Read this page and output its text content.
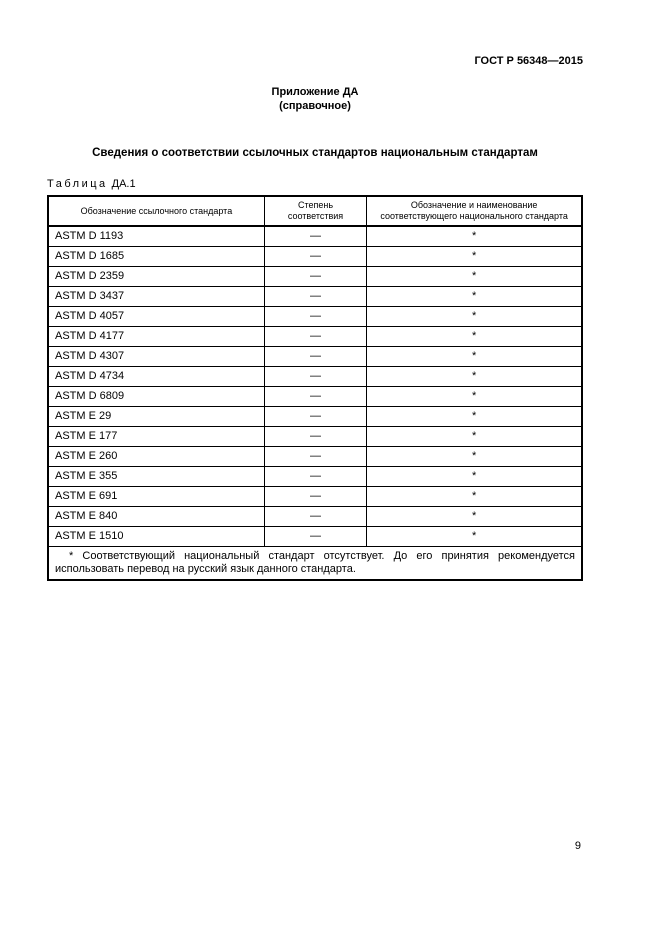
ГОСТ Р 56348—2015
Приложение ДА
(справочное)
Сведения о соответствии ссылочных стандартов национальным стандартам
Таблица ДА.1
Обозначение ссылочного стандарта	Степень соответствия	Обозначение и наименование соответствующего национального стандарта
ASTM D 1193	—	*
ASTM D 1685	—	*
ASTM D 2359	—	*
ASTM D 3437	—	*
ASTM D 4057	—	*
ASTM D 4177	—	*
ASTM D 4307	—	*
ASTM D 4734	—	*
ASTM D 6809	—	*
ASTM E 29	—	*
ASTM E 177	—	*
ASTM E 260	—	*
ASTM E 355	—	*
ASTM E 691	—	*
ASTM E 840	—	*
ASTM E 1510	—	*

* Соответствующий национальный стандарт отсутствует. До его принятия рекомендуется использовать перевод на русский язык данного стандарта.		
9
